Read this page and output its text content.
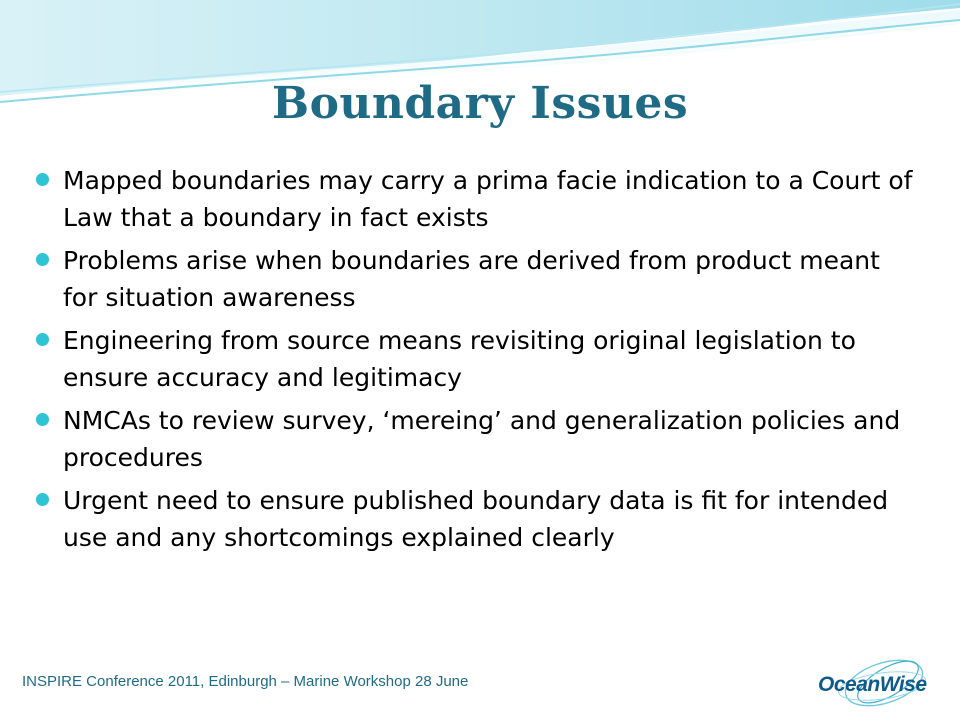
Boundary Issues
Mapped boundaries may carry a prima facie indication to a Court of Law that a boundary in fact exists
Problems arise when boundaries are derived from product meant for situation awareness
Engineering from source means revisiting original legislation to ensure accuracy and legitimacy
NMCAs to review survey, ‘mereing’ and generalization policies and procedures
Urgent need to ensure published boundary data is fit for intended use and any shortcomings explained clearly
INSPIRE Conference 2011, Edinburgh – Marine Workshop 28 June	OceanWise
